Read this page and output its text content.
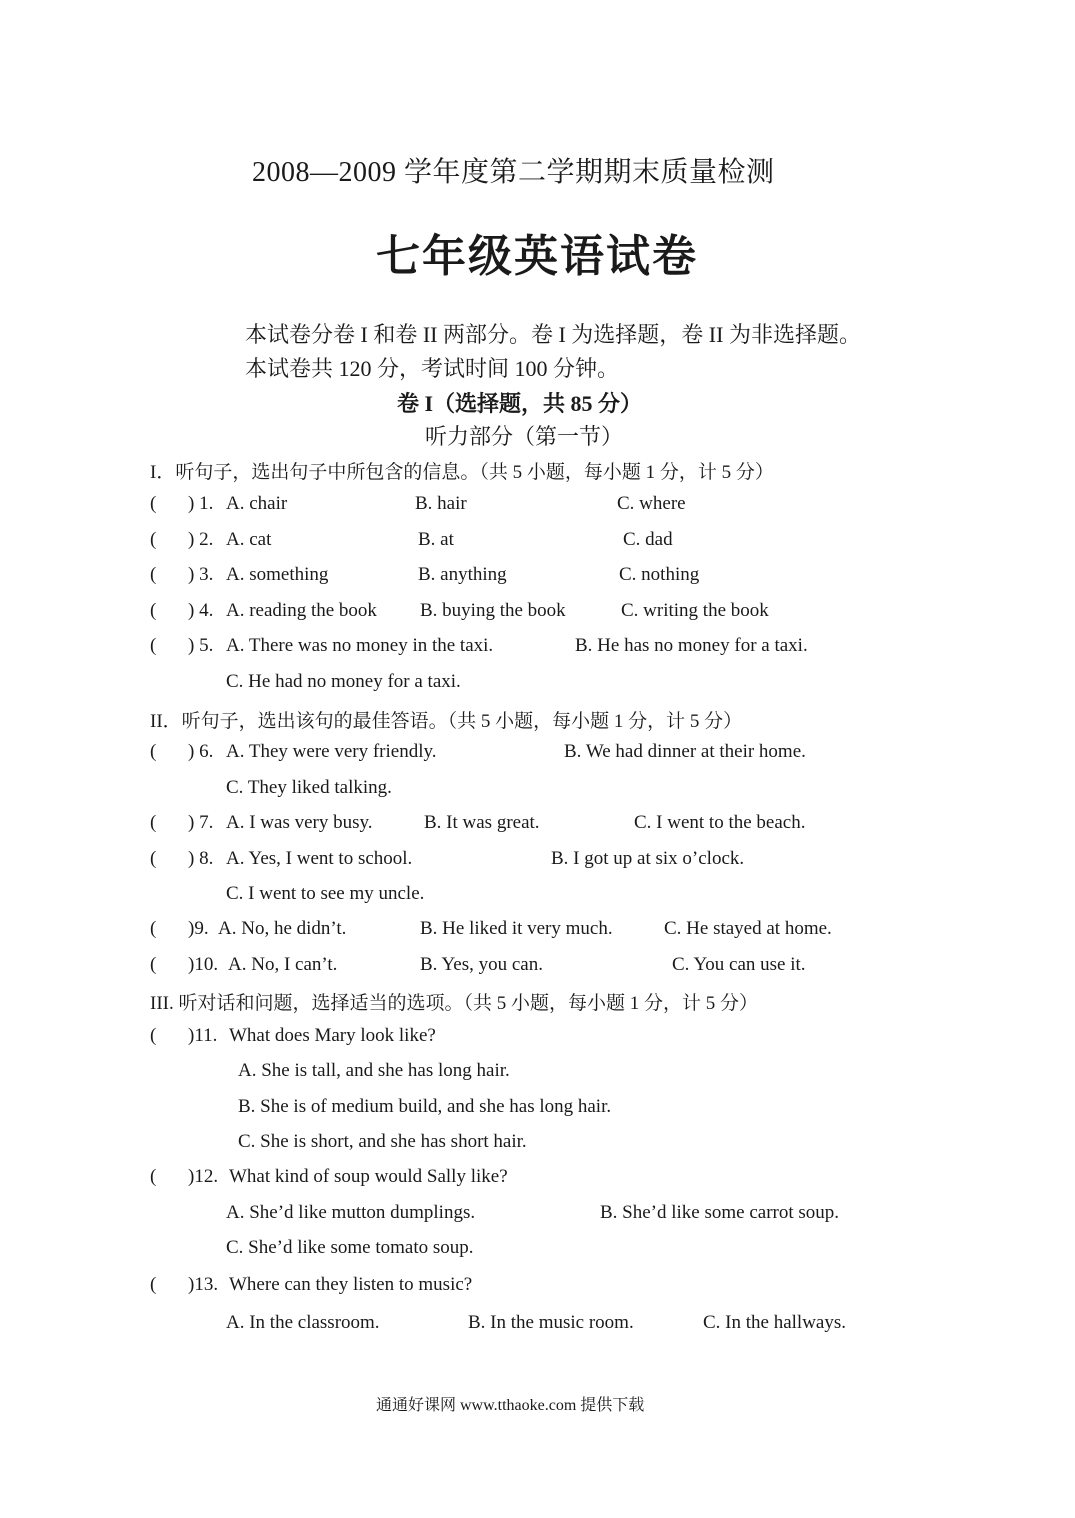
2008—2009 学年度第二学期期末质量检测
七年级英语试卷
本试卷分卷 I 和卷 II 两部分。卷 I 为选择题，卷 II 为非选择题。
本试卷共 120 分，考试时间 100 分钟。
卷 I（选择题，共 85 分）
听力部分（第一节）
I．听句子，选出句子中所包含的信息。（共 5 小题，每小题 1 分，计 5 分）
( ) 1. A. chair	B. hair	C. where
( ) 2. A. cat	B. at	C. dad
( ) 3. A. something	B. anything	C. nothing
( ) 4. A. reading the book B. buying the book	C. writing the book
( ) 5. A. There was no money in the taxi.	B. He has no money for a taxi.
C. He had no money for a taxi.
II．听句子，选出该句的最佳答语。（共 5 小题，每小题 1 分，计 5 分）
( ) 6. A. They were very friendly.	B. We had dinner at their home.
C. They liked talking.
( ) 7. A. I was very busy.	B. It was great.	C. I went to the beach.
( ) 8. A. Yes, I went to school.	B. I got up at six o’clock.
C. I went to see my uncle.
( )9. A. No, he didn’t.	B. He liked it very much.	C. He stayed at home.
( )10. A. No, I can’t.	B. Yes, you can.	C. You can use it.
III. 听对话和问题，选择适当的选项。（共 5 小题，每小题 1 分，计 5 分）
( )11. What does Mary look like?
A. She is tall, and she has long hair.
B. She is of medium build, and she has long hair.
C. She is short, and she has short hair.
( )12. What kind of soup would Sally like?
A. She’d like mutton dumplings.	B. She’d like some carrot soup.
C. She’d like some tomato soup.
( )13. Where can they listen to music?
A. In the classroom.	B. In the music room.	C. In the hallways.
通通好课网 www.tthaoke.com 提供下载
